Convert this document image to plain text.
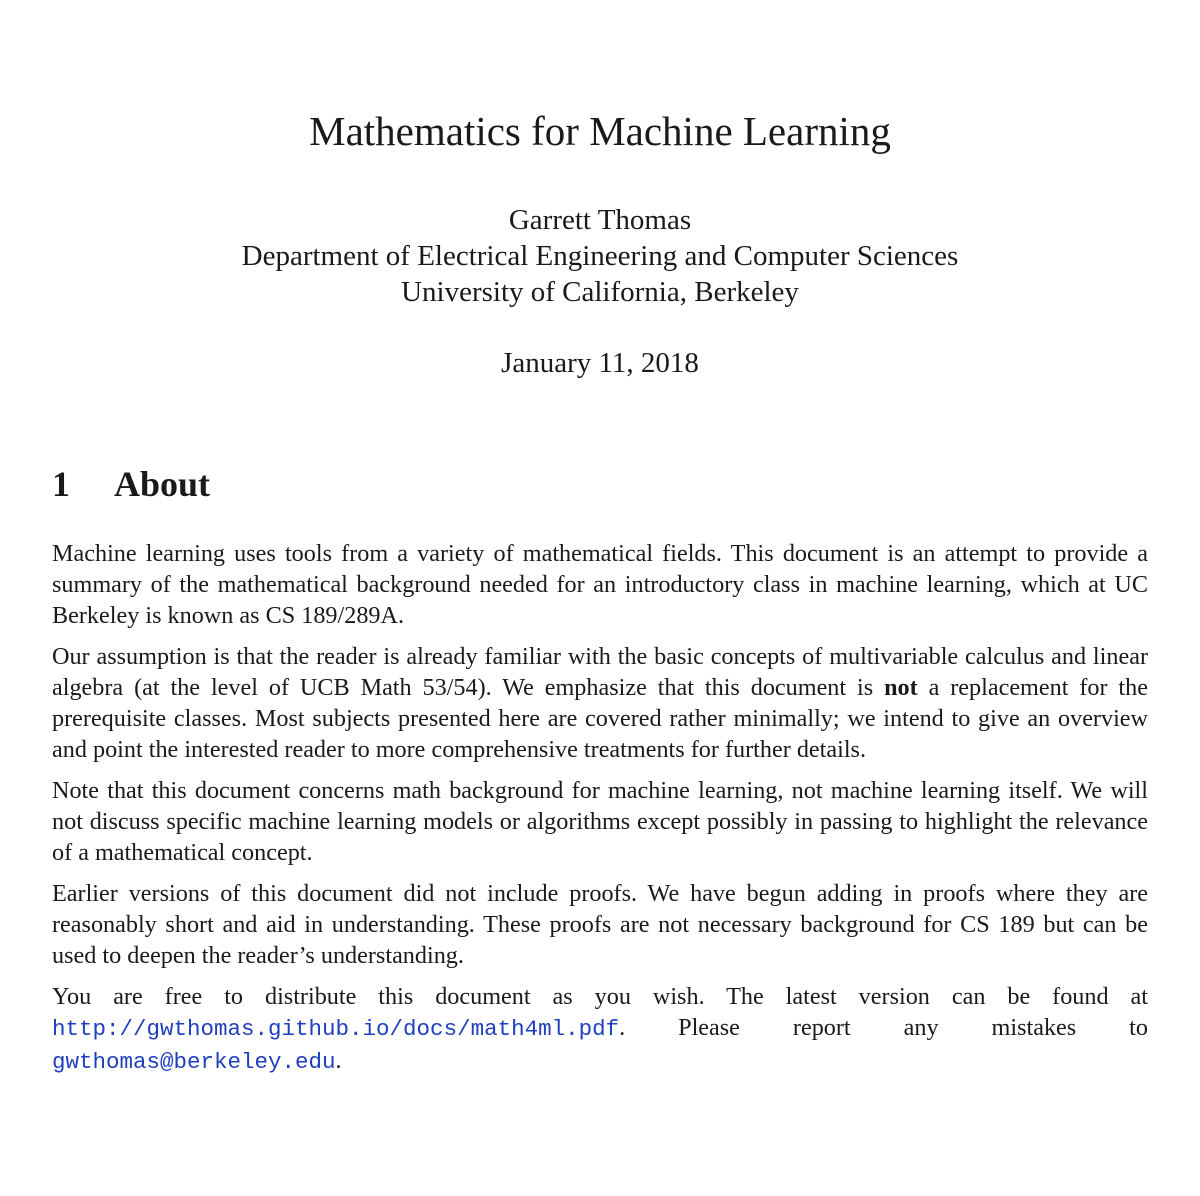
Mathematics for Machine Learning
Garrett Thomas
Department of Electrical Engineering and Computer Sciences
University of California, Berkeley
January 11, 2018
1	About

Machine learning uses tools from a variety of mathematical fields. This document is an attempt to provide a summary of the mathematical background needed for an introductory class in machine learning, which at UC Berkeley is known as CS 189/289A.

Our assumption is that the reader is already familiar with the basic concepts of multivariable calculus and linear algebra (at the level of UCB Math 53/54). We emphasize that this document is not a replacement for the prerequisite classes. Most subjects presented here are covered rather minimally; we intend to give an overview and point the interested reader to more comprehensive treatments for further details.

Note that this document concerns math background for machine learning, not machine learning itself. We will not discuss specific machine learning models or algorithms except possibly in passing to highlight the relevance of a mathematical concept.

Earlier versions of this document did not include proofs. We have begun adding in proofs where they are reasonably short and aid in understanding. These proofs are not necessary background for CS 189 but can be used to deepen the reader’s understanding.

You are free to distribute this document as you wish. The latest version can be found at http://gwthomas.github.io/docs/math4ml.pdf. Please report any mistakes to gwthomas@berkeley.edu.
